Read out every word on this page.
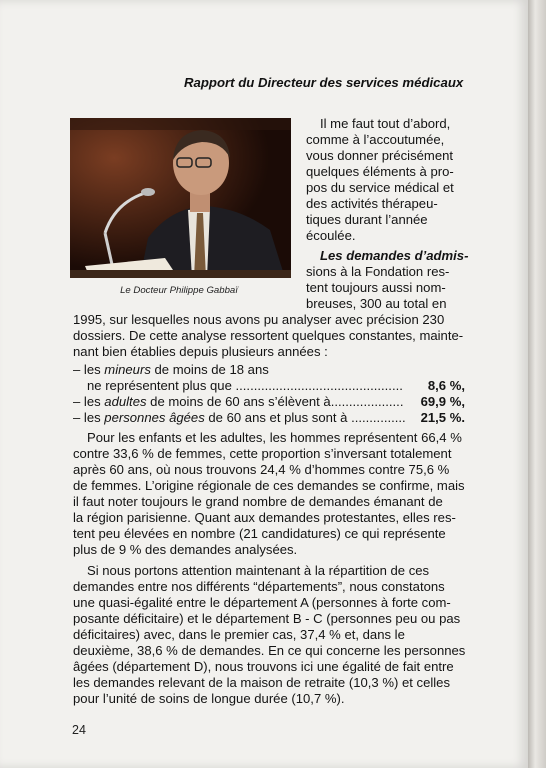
Rapport du Directeur des services médicaux
Le Docteur Philippe Gabbaï
Il me faut tout d’abord,
comme à l’accoutumée,
vous donner précisément
quelques éléments à pro-
pos du service médical et
des activités thérapeu-
tiques durant l’année
écoulée.
Les demandes d’admis-
sions à la Fondation res-
tent toujours aussi nom-
breuses, 300 au total en
1995, sur lesquelles nous avons pu analyser avec précision 230
dossiers. De cette analyse ressortent quelques constantes, mainte-
nant bien établies depuis plusieurs années :
– les mineurs de moins de 18 ans
ne représentent plus que .............................................. 8,6 %,
– les adultes de moins de 60 ans s’élèvent à.................... 69,9 %,
– les personnes âgées de 60 ans et plus sont à ............... 21,5 %.
Pour les enfants et les adultes, les hommes représentent 66,4 %
contre 33,6 % de femmes, cette proportion s’inversant totalement
après 60 ans, où nous trouvons 24,4 % d’hommes contre 75,6 %
de femmes. L’origine régionale de ces demandes se confirme, mais
il faut noter toujours le grand nombre de demandes émanant de
la région parisienne. Quant aux demandes protestantes, elles res-
tent peu élevées en nombre (21 candidatures) ce qui représente
plus de 9 % des demandes analysées.
Si nous portons attention maintenant à la répartition de ces
demandes entre nos différents “départements”, nous constatons
une quasi-égalité entre le département A (personnes à forte com-
posante déficitaire) et le département B - C (personnes peu ou pas
déficitaires) avec, dans le premier cas, 37,4 % et, dans le
deuxième, 38,6 % de demandes. En ce qui concerne les personnes
âgées (département D), nous trouvons ici une égalité de fait entre
les demandes relevant de la maison de retraite (10,3 %) et celles
pour l’unité de soins de longue durée (10,7 %).
24
